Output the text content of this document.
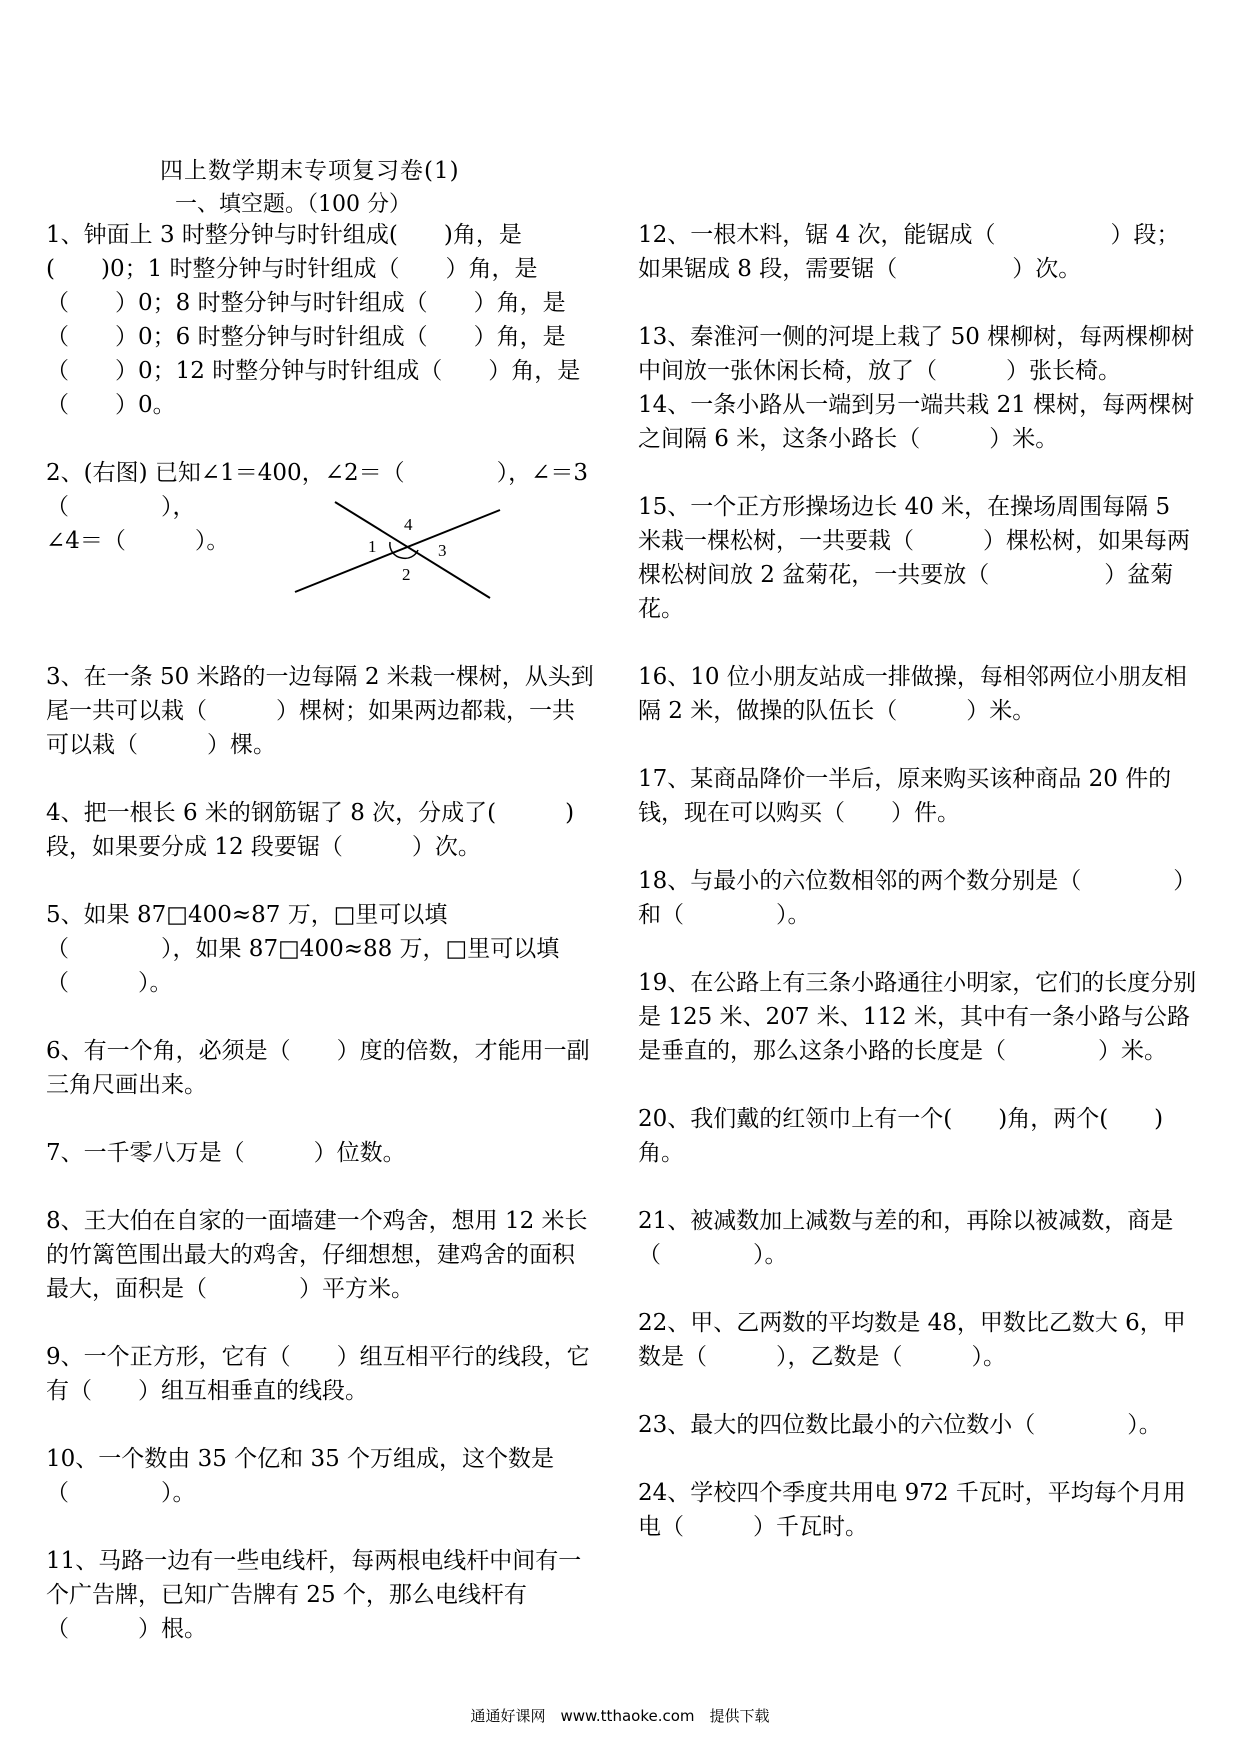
四上数学期末专项复习卷(1)
一、填空题。（100 分）

1、钟面上 3 时整分钟与时针组成(　　)角，是(　　)0；1 时整分钟与时针组成（　　）角，是（　　）0；8 时整分钟与时针组成（　　）角，是（　　）0；6 时整分钟与时针组成（　　）角，是（　　）0；12 时整分钟与时针组成（　　）角，是（　　）0。

2、(右图) 已知∠1＝400，∠2＝（　　　　），∠＝3（　　　　），
∠4＝（　　　）。

3、在一条 50 米路的一边每隔 2 米栽一棵树，从头到尾一共可以栽（　　　）棵树；如果两边都栽，一共可以栽（　　　）棵。

4、把一根长 6 米的钢筋锯了 8 次，分成了(　　　)段，如果要分成 12 段要锯（　　　）次。

5、如果 87□400≈87 万，□里可以填（　　　　），如果 87□400≈88 万，□里可以填（　　　）。

6、有一个角，必须是（　　）度的倍数，才能用一副三角尺画出来。

7、一千零八万是（　　　）位数。

8、王大伯在自家的一面墙建一个鸡舍，想用 12 米长的竹篱笆围出最大的鸡舍，仔细想想，建鸡舍的面积最大，面积是（　　　　）平方米。

9、一个正方形，它有（　　）组互相平行的线段，它有（　　）组互相垂直的线段。

10、一个数由 35 个亿和 35 个万组成，这个数是（　　　　）。

11、马路一边有一些电线杆，每两根电线杆中间有一个广告牌，已知广告牌有 25 个，那么电线杆有（　　　）根。

1
2
3
4

12、一根木料，锯 4 次，能锯成（　　　　　）段；如果锯成 8 段，需要锯（　　　　　）次。

13、秦淮河一侧的河堤上栽了 50 棵柳树，每两棵柳树中间放一张休闲长椅，放了（　　　）张长椅。

14、一条小路从一端到另一端共栽 21 棵树，每两棵树之间隔 6 米，这条小路长（　　　）米。

15、一个正方形操场边长 40 米，在操场周围每隔 5 米栽一棵松树，一共要栽（　　　）棵松树，如果每两棵松树间放 2 盆菊花，一共要放（　　　　　）盆菊花。

16、10 位小朋友站成一排做操，每相邻两位小朋友相隔 2 米，做操的队伍长（　　　）米。

17、某商品降价一半后，原来购买该种商品 20 件的钱，现在可以购买（　　）件。

18、与最小的六位数相邻的两个数分别是（　　　　）和（　　　　）。

19、在公路上有三条小路通往小明家，它们的长度分别是 125 米、207 米、112 米，其中有一条小路与公路是垂直的，那么这条小路的长度是（　　　　）米。

20、我们戴的红领巾上有一个(　　)角，两个(　　)角。

21、被减数加上减数与差的和，再除以被减数，商是（　　　　）。

22、甲、乙两数的平均数是 48，甲数比乙数大 6，甲数是（　　　），乙数是（　　　）。

23、最大的四位数比最小的六位数小（　　　　）。

24、学校四个季度共用电 972 千瓦时，平均每个月用电（　　　）千瓦时。

通通好课网　www.tthaoke.com　提供下载
